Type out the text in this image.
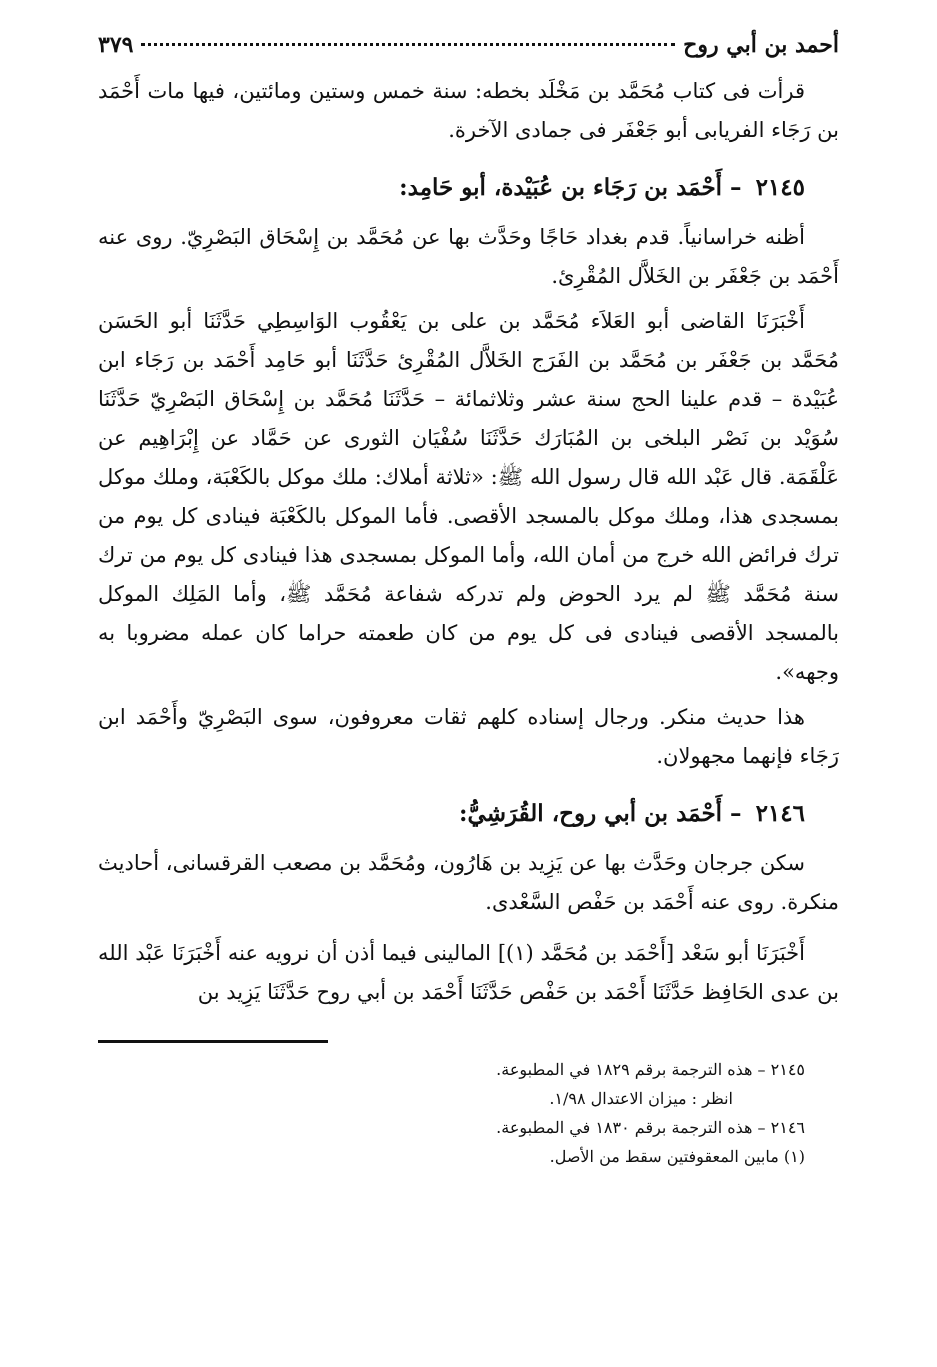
أحمد بن أبي روح
٣٧٩

قرأت فى كتاب مُحَمَّد بن مَخْلَد بخطه: سنة خمس وستين ومائتين، فيها مات أَحْمَد بن رَجَاء الفريابى أبو جَعْفَر فى جمادى الآخرة.

٢١٤٥ – أَحْمَد بن رَجَاء بن عُبَيْدة، أبو حَامِد:

أظنه خراسانياً. قدم بغداد حَاجًا وحَدَّث بها عن مُحَمَّد بن إِسْحَاق البَصْرِيّ. روى عنه أَحْمَد بن جَعْفَر بن الخَلاَّل المُقْرِئ.

أَخْبَرَنَا القاضى أبو العَلاَء مُحَمَّد بن على بن يَعْقُوب الوَاسِطِي حَدَّثَنَا أبو الحَسَن مُحَمَّد بن جَعْفَر بن مُحَمَّد بن الفَرَج الخَلاَّل المُقْرِئ حَدَّثَنَا أبو حَامِد أَحْمَد بن رَجَاء ابن عُبَيْدة – قدم علينا الحج سنة عشر وثلاثمائة – حَدَّثَنَا مُحَمَّد بن إِسْحَاق البَصْرِيّ حَدَّثَنَا سُوَيْد بن نَصْر البلخى بن المُبَارَك حَدَّثَنَا سُفْيَان الثورى عن حَمَّاد عن إِبْرَاهِيم عن عَلْقَمَة. قال عَبْد الله قال رسول الله ﷺ: «ثلاثة أملاك: ملك موكل بالكَعْبَة، وملك موكل بمسجدى هذا، وملك موكل بالمسجد الأقصى. فأما الموكل بالكَعْبَة فينادى كل يوم من ترك فرائض الله خرج من أمان الله، وأما الموكل بمسجدى هذا فينادى كل يوم من ترك سنة مُحَمَّد ﷺ لم يرد الحوض ولم تدركه شفاعة مُحَمَّد ﷺ، وأما المَلِك الموكل بالمسجد الأقصى فينادى فى كل يوم من كان طعمته حراما كان عمله مضروبا به وجهه».

هذا حديث منكر. ورجال إسناده كلهم ثقات معروفون، سوى البَصْرِيّ وأَحْمَد ابن رَجَاء فإنهما مجهولان.

٢١٤٦ – أَحْمَد بن أبي روح، القُرَشِيُّ:

سكن جرجان وحَدَّث بها عن يَزِيد بن هَارُون، ومُحَمَّد بن مصعب القرقسانى، أحاديث منكرة. روى عنه أَحْمَد بن حَفْص السَّعْدى.

أَخْبَرَنَا أبو سَعْد [أَحْمَد بن مُحَمَّد (١)] المالينى فيما أذن أن نرويه عنه أَخْبَرَنَا عَبْد الله بن عدى الحَافِظ حَدَّثَنَا أَحْمَد بن حَفْص حَدَّثَنَا أَحْمَد بن أبي روح حَدَّثَنَا يَزِيد بن

٢١٤٥ – هذه الترجمة برقم ١٨٢٩ في المطبوعة.

انظر : ميزان الاعتدال ١/٩٨.

٢١٤٦ – هذه الترجمة برقم ١٨٣٠ في المطبوعة.

(١) مابين المعقوفتين سقط من الأصل.
